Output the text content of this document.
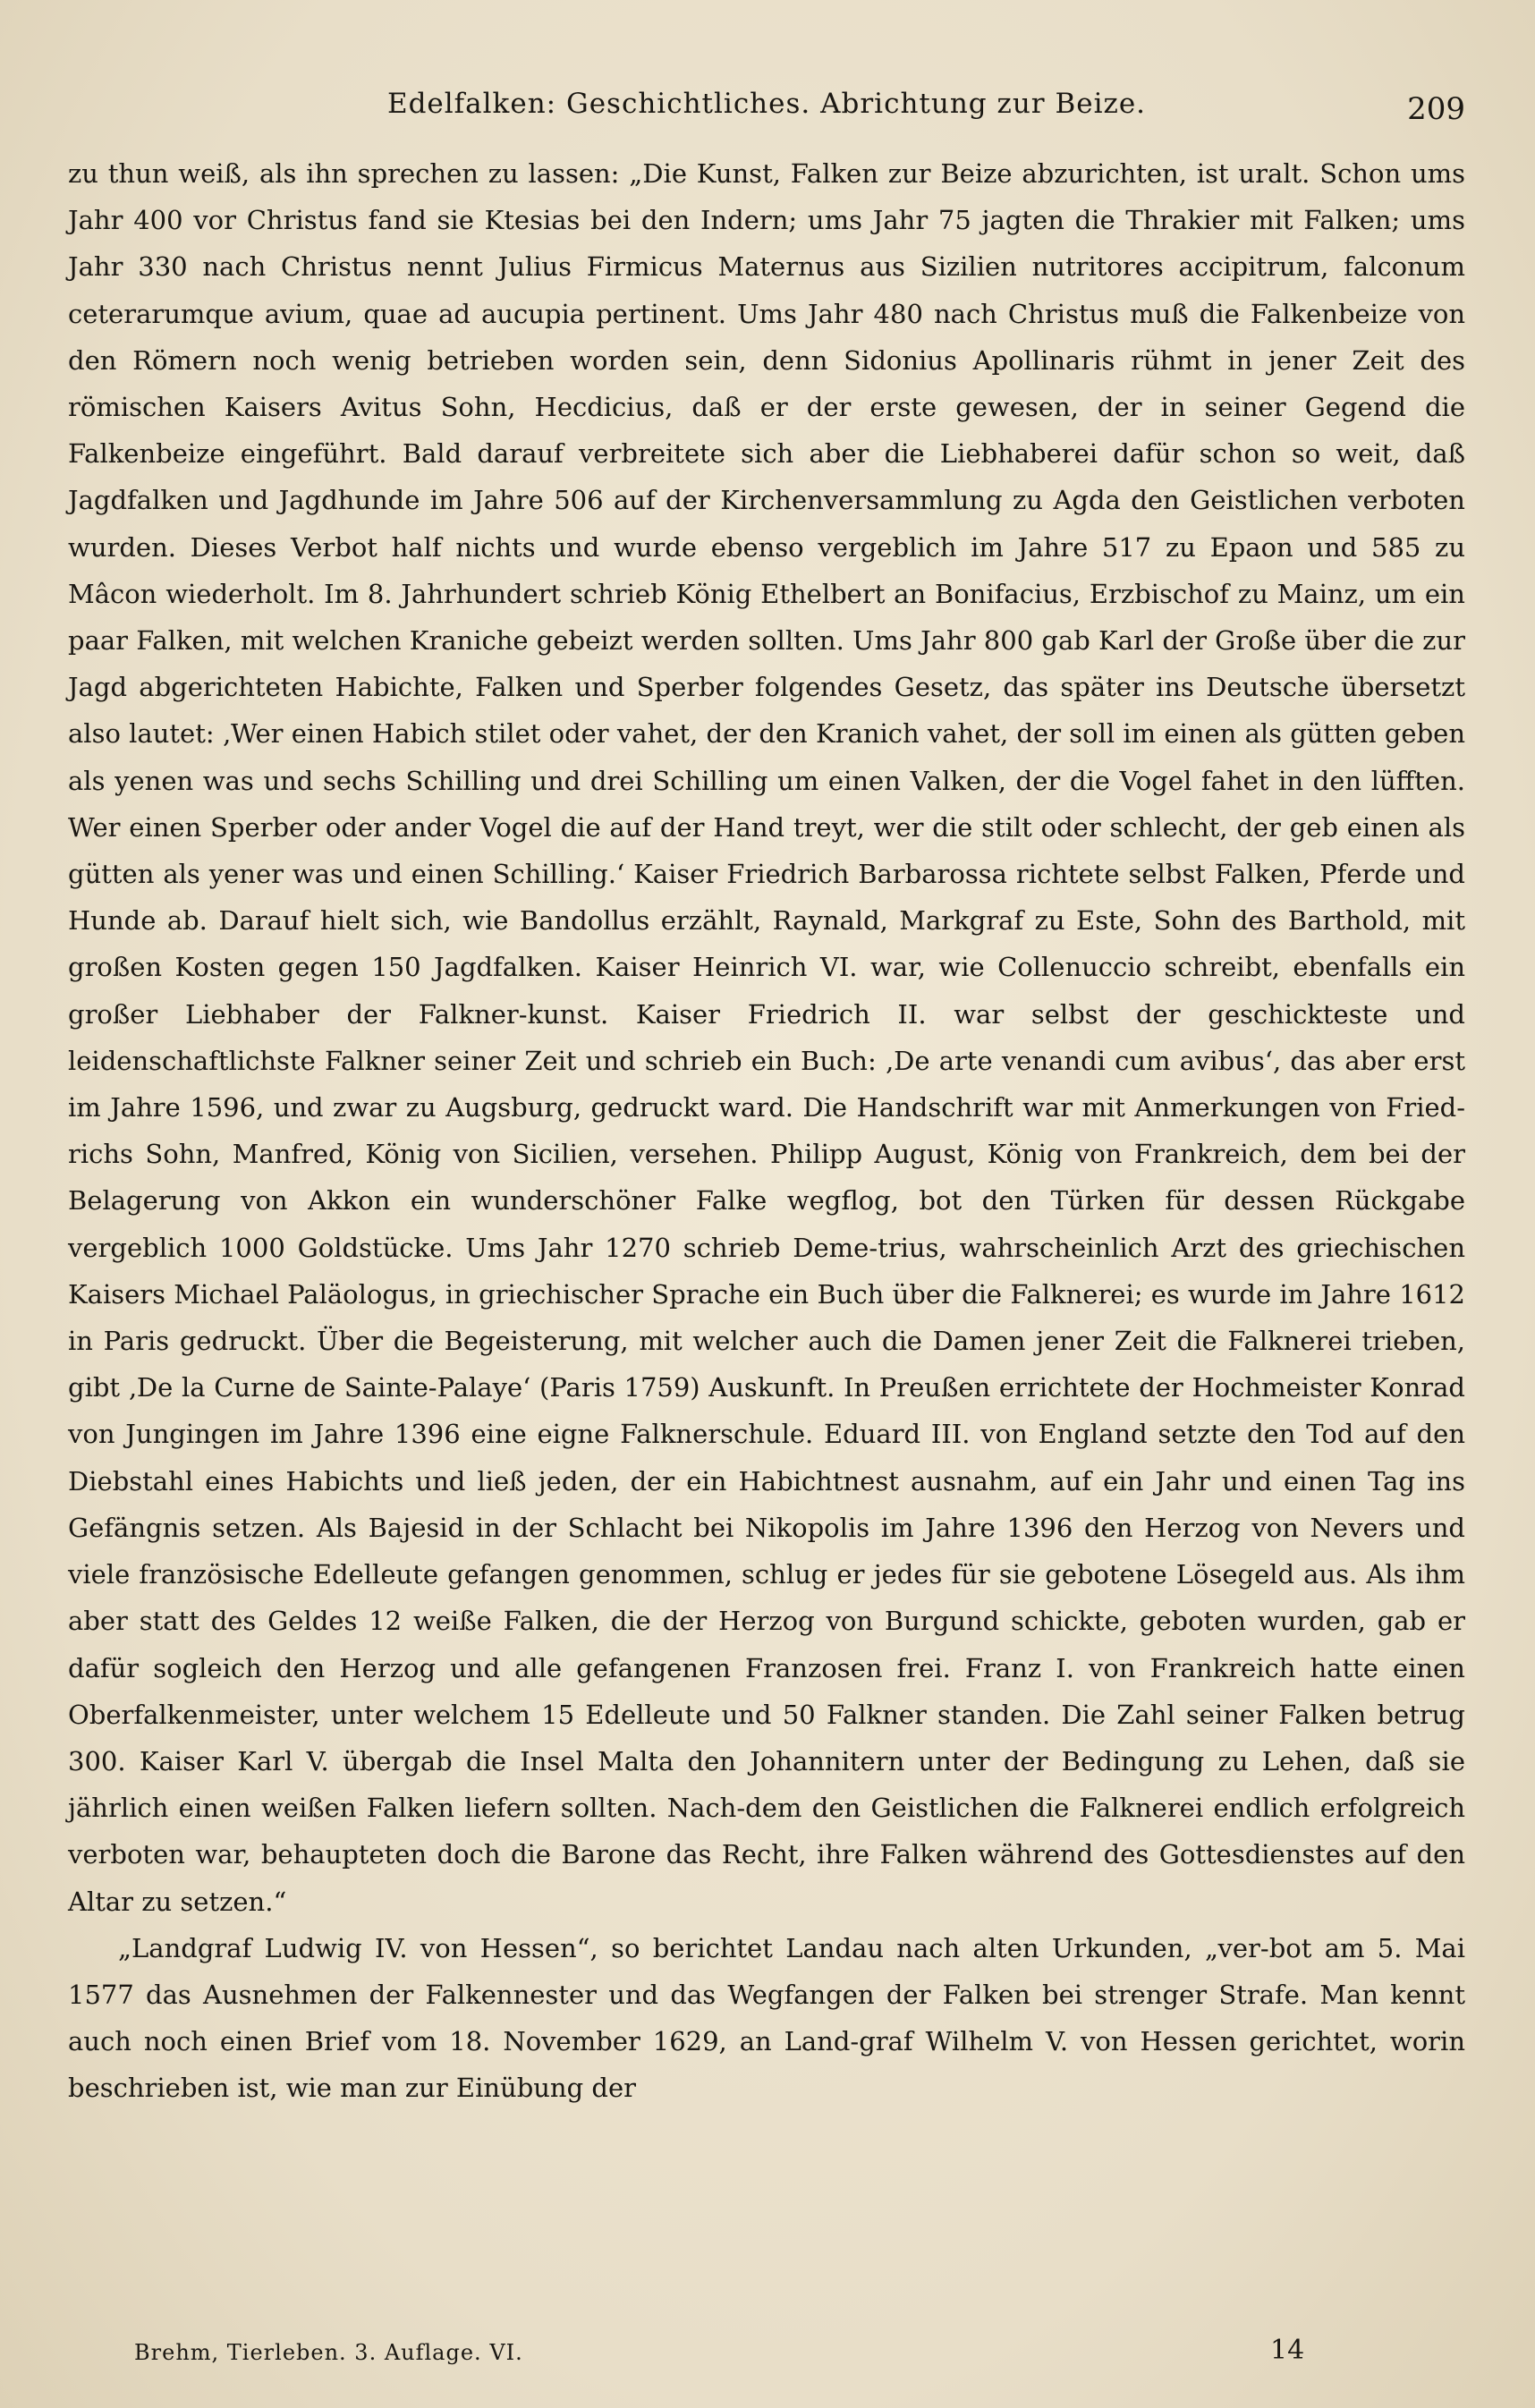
Edelfalken: Geschichtliches. Abrichtung zur Beize.	209

zu thun weiß, als ihn sprechen zu lassen: „Die Kunst, Falken zur Beize abzurichten, ist uralt. Schon ums Jahr 400 vor Christus fand sie Ktesias bei den Indern; ums Jahr 75 jagten die Thrakier mit Falken; ums Jahr 330 nach Christus nennt Julius Firmicus Maternus aus Sizilien nutritores accipitrum, falconum ceterarumque avium, quae ad aucupia pertinent. Ums Jahr 480 nach Christus muß die Falkenbeize von den Römern noch wenig betrieben worden sein, denn Sidonius Apollinaris rühmt in jener Zeit des römischen Kaisers Avitus Sohn, Hecdicius, daß er der erste gewesen, der in seiner Gegend die Falkenbeize eingeführt. Bald darauf verbreitete sich aber die Liebhaberei dafür schon so weit, daß Jagdfalken und Jagdhunde im Jahre 506 auf der Kirchenversammlung zu Agda den Geistlichen verboten wurden. Dieses Verbot half nichts und wurde ebenso vergeblich im Jahre 517 zu Epaon und 585 zu Mâcon wiederholt. Im 8. Jahrhundert schrieb König Ethelbert an Bonifacius, Erzbischof zu Mainz, um ein paar Falken, mit welchen Kraniche gebeizt werden sollten. Ums Jahr 800 gab Karl der Große über die zur Jagd abgerichteten Habichte, Falken und Sperber folgendes Gesetz, das später ins Deutsche übersetzt also lautet: ‚Wer einen Habich stilet oder vahet, der den Kranich vahet, der soll im einen als gütten geben als yenen was und sechs Schilling und drei Schilling um einen Valken, der die Vogel fahet in den lüfften. Wer einen Sperber oder ander Vogel die auf der Hand treyt, wer die stilt oder schlecht, der geb einen als gütten als yener was und einen Schilling.‘ Kaiser Friedrich Barbarossa richtete selbst Falken, Pferde und Hunde ab. Darauf hielt sich, wie Bandollus erzählt, Raynald, Markgraf zu Este, Sohn des Barthold, mit großen Kosten gegen 150 Jagdfalken. Kaiser Heinrich VI. war, wie Collenuccio schreibt, ebenfalls ein großer Liebhaber der Falkner-kunst. Kaiser Friedrich II. war selbst der geschickteste und leidenschaftlichste Falkner seiner Zeit und schrieb ein Buch: ‚De arte venandi cum avibus‘, das aber erst im Jahre 1596, und zwar zu Augsburg, gedruckt ward. Die Handschrift war mit Anmerkungen von Fried-richs Sohn, Manfred, König von Sicilien, versehen. Philipp August, König von Frankreich, dem bei der Belagerung von Akkon ein wunderschöner Falke wegflog, bot den Türken für dessen Rückgabe vergeblich 1000 Goldstücke. Ums Jahr 1270 schrieb Deme-trius, wahrscheinlich Arzt des griechischen Kaisers Michael Paläologus, in griechischer Sprache ein Buch über die Falknerei; es wurde im Jahre 1612 in Paris gedruckt. Über die Begeisterung, mit welcher auch die Damen jener Zeit die Falknerei trieben, gibt ‚De la Curne de Sainte-Palaye‘ (Paris 1759) Auskunft. In Preußen errichtete der Hochmeister Konrad von Jungingen im Jahre 1396 eine eigne Falknerschule. Eduard III. von England setzte den Tod auf den Diebstahl eines Habichts und ließ jeden, der ein Habichtnest ausnahm, auf ein Jahr und einen Tag ins Gefängnis setzen. Als Bajesid in der Schlacht bei Nikopolis im Jahre 1396 den Herzog von Nevers und viele französische Edelleute gefangen genommen, schlug er jedes für sie gebotene Lösegeld aus. Als ihm aber statt des Geldes 12 weiße Falken, die der Herzog von Burgund schickte, geboten wurden, gab er dafür sogleich den Herzog und alle gefangenen Franzosen frei. Franz I. von Frankreich hatte einen Oberfalkenmeister, unter welchem 15 Edelleute und 50 Falkner standen. Die Zahl seiner Falken betrug 300. Kaiser Karl V. übergab die Insel Malta den Johannitern unter der Bedingung zu Lehen, daß sie jährlich einen weißen Falken liefern sollten. Nach-dem den Geistlichen die Falknerei endlich erfolgreich verboten war, behaupteten doch die Barone das Recht, ihre Falken während des Gottesdienstes auf den Altar zu setzen.“

„Landgraf Ludwig IV. von Hessen“, so berichtet Landau nach alten Urkunden, „ver-bot am 5. Mai 1577 das Ausnehmen der Falkennester und das Wegfangen der Falken bei strenger Strafe. Man kennt auch noch einen Brief vom 18. November 1629, an Land-graf Wilhelm V. von Hessen gerichtet, worin beschrieben ist, wie man zur Einübung der

Brehm, Tierleben. 3. Auflage. VI.	14
